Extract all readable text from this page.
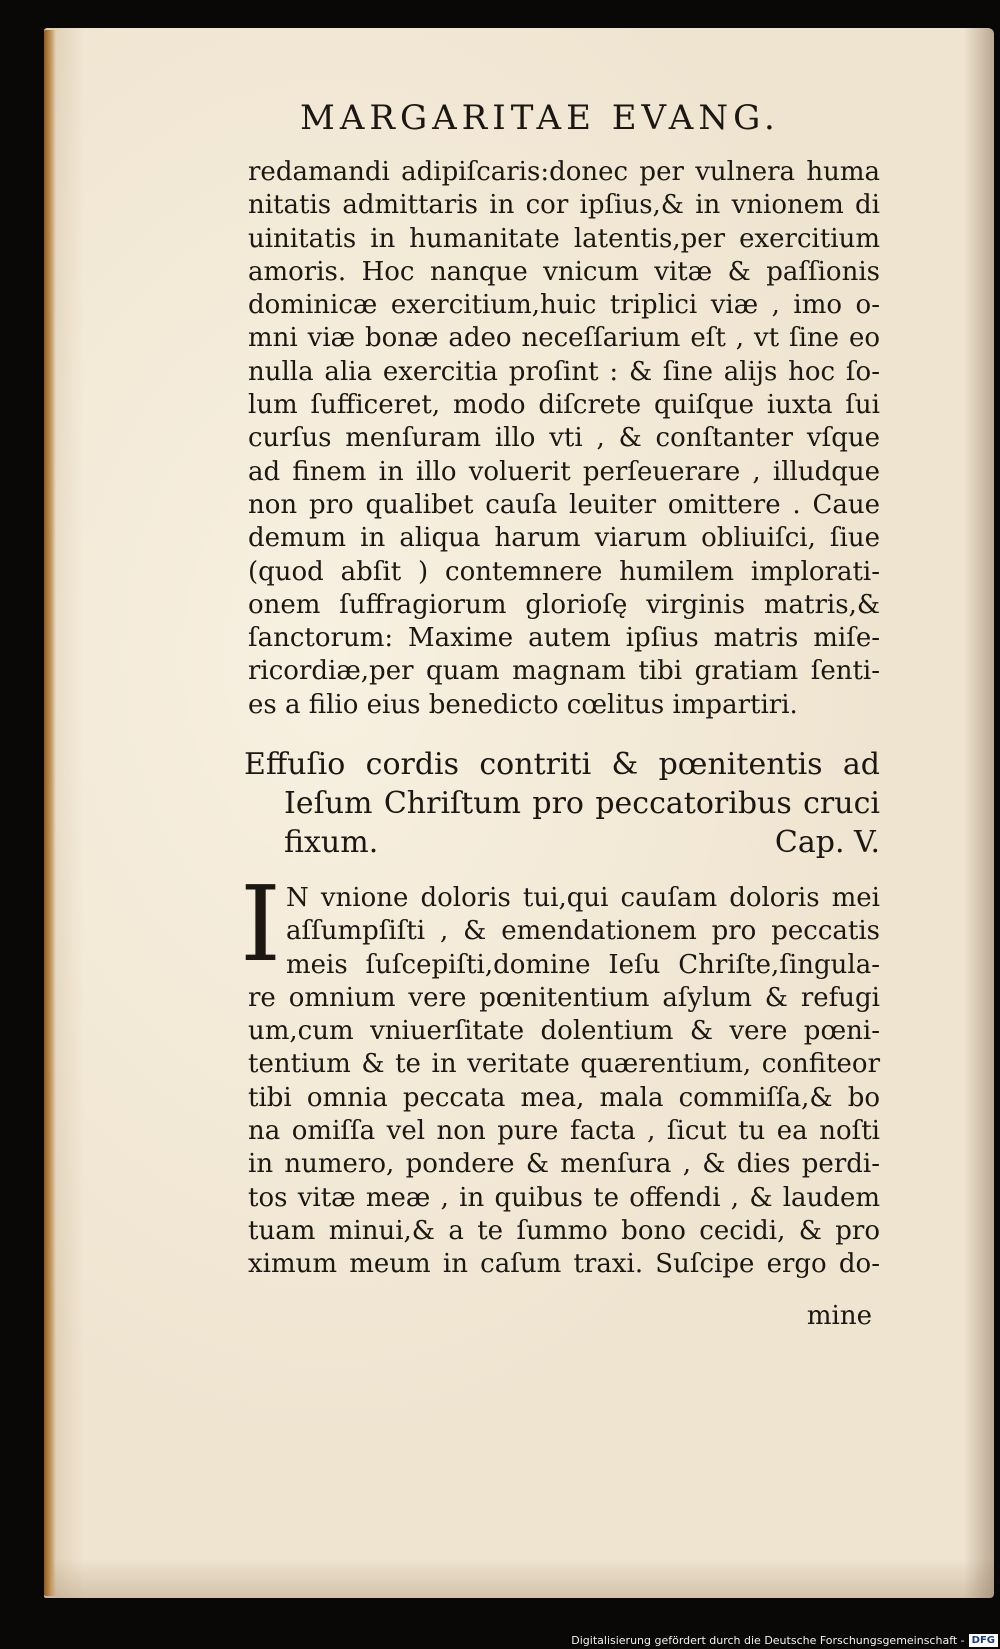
MARGARITAE EVANG.
redamandi adipiſcaris:donec per vulnera huma
nitatis admittaris in cor ipſius,& in vnionem di
uinitatis in humanitate latentis,per exercitium
amoris. Hoc nanque vnicum vitæ & paſſionis
dominicæ exercitium,huic triplici viæ , imo o-
mni viæ bonæ adeo neceſſarium eſt , vt ſine eo
nulla alia exercitia proſint : & ſine alijs hoc ſo-
lum ſufficeret, modo diſcrete quiſque iuxta ſui
curſus menſuram illo vti , & conſtanter vſque
ad finem in illo voluerit perſeuerare , illudque
non pro qualibet cauſa leuiter omittere . Caue
demum in aliqua harum viarum obliuiſci, ſiue
(quod abſit ) contemnere humilem implorati-
onem ſuffragiorum glorioſę virginis matris,&
ſanctorum: Maxime autem ipſius matris miſe-
ricordiæ,per quam magnam tibi gratiam ſenti-
es a filio eius benedicto cœlitus impartiri.
Effuſio cordis contriti & pœnitentis ad
Ieſum Chriſtum pro peccatoribus cruci
fixum.	Cap. V.
I N vnione doloris tui,qui cauſam doloris mei
aſſumpſiſti , & emendationem pro peccatis
meis ſuſcepiſti,domine Ieſu Chriſte,ſingula-
re omnium vere pœnitentium aſylum & refugi
um,cum vniuerſitate dolentium & vere pœni-
tentium & te in veritate quærentium, confiteor
tibi omnia peccata mea, mala commiſſa,& bo
na omiſſa vel non pure facta , ſicut tu ea noſti
in numero, pondere & menſura , & dies perdi-
tos vitæ meæ , in quibus te offendi , & laudem
tuam minui,& a te ſummo bono cecidi, & pro
ximum meum in caſum traxi. Suſcipe ergo do-
mine
Digitalisierung gefördert durch die Deutsche Forschungsgemeinschaft - DFG
